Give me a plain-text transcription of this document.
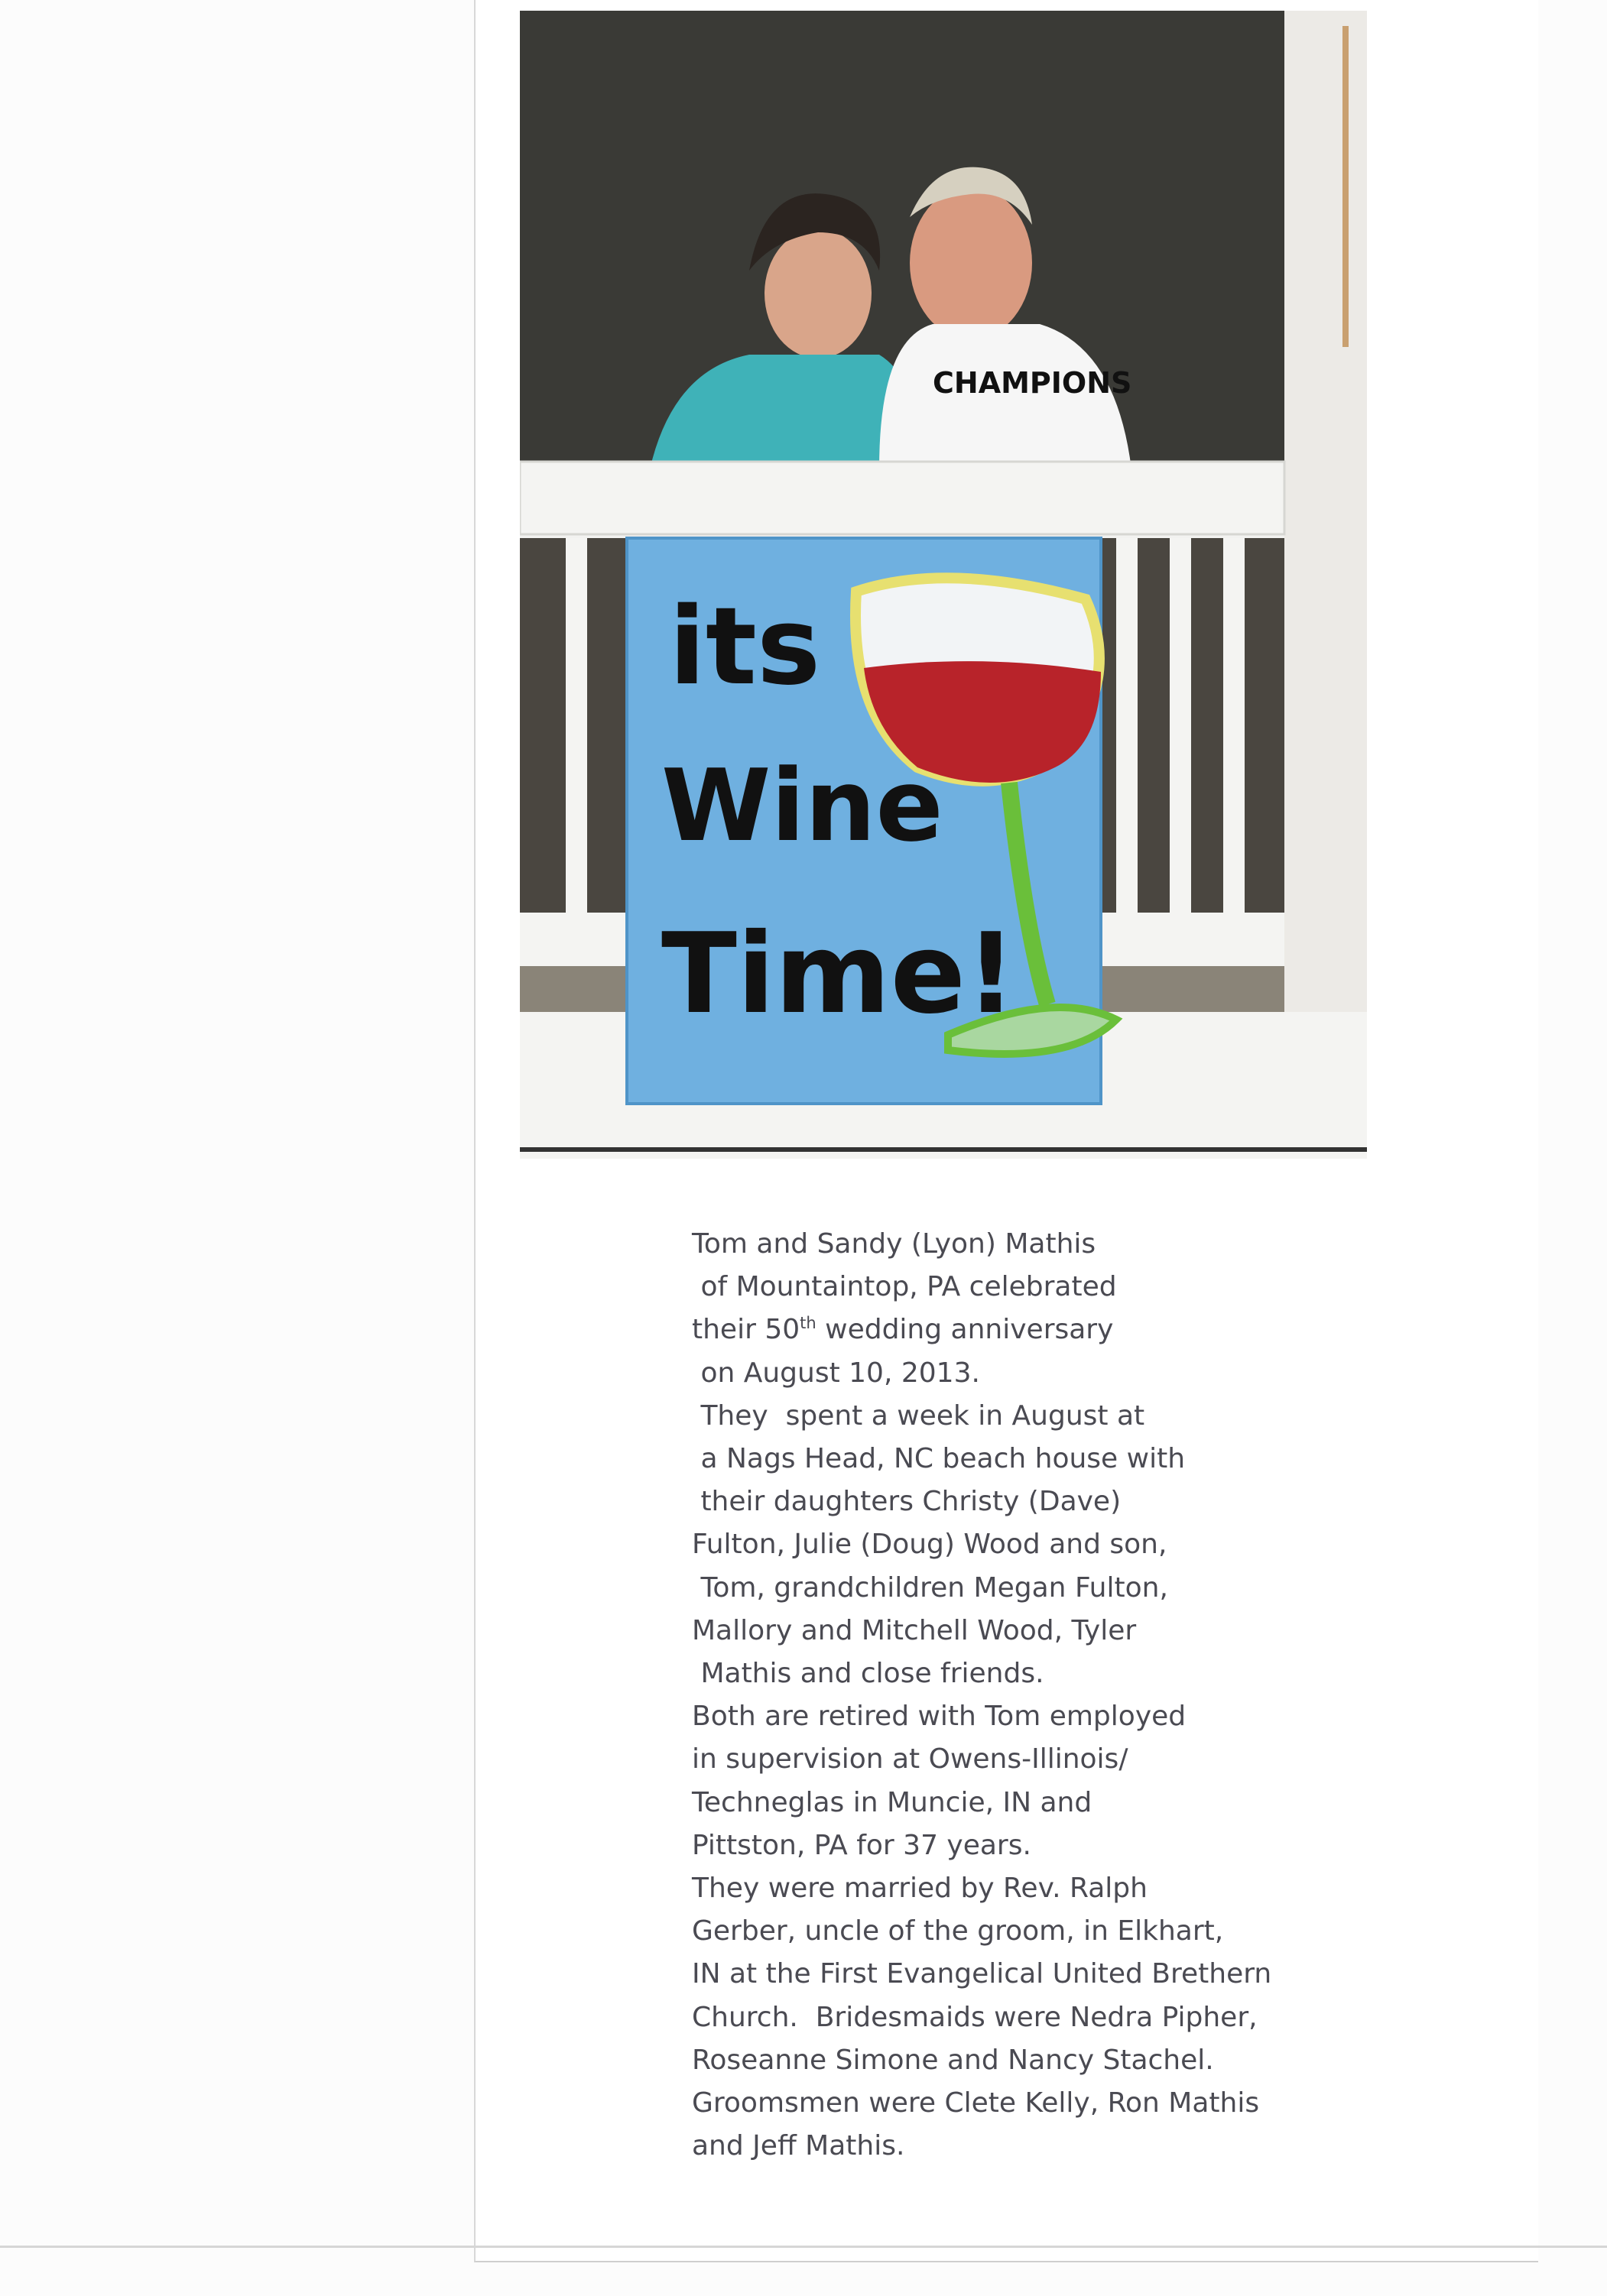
CHAMPIONS
its
Wine
Time!
Tom and Sandy (Lyon) Mathis
of Mountaintop, PA celebrated
their 50th wedding anniversary
on August 10, 2013.
They  spent a week in August at
a Nags Head, NC beach house with
their daughters Christy (Dave)
Fulton, Julie (Doug) Wood and son,
Tom, grandchildren Megan Fulton,
Mallory and Mitchell Wood, Tyler
Mathis and close friends.
Both are retired with Tom employed
in supervision at Owens-Illinois/
Techneglas in Muncie, IN and
Pittston, PA for 37 years.
They were married by Rev. Ralph
Gerber, uncle of the groom, in Elkhart,
IN at the First Evangelical United Brethern
Church.  Bridesmaids were Nedra Pipher,
Roseanne Simone and Nancy Stachel.
Groomsmen were Clete Kelly, Ron Mathis
and Jeff Mathis.
